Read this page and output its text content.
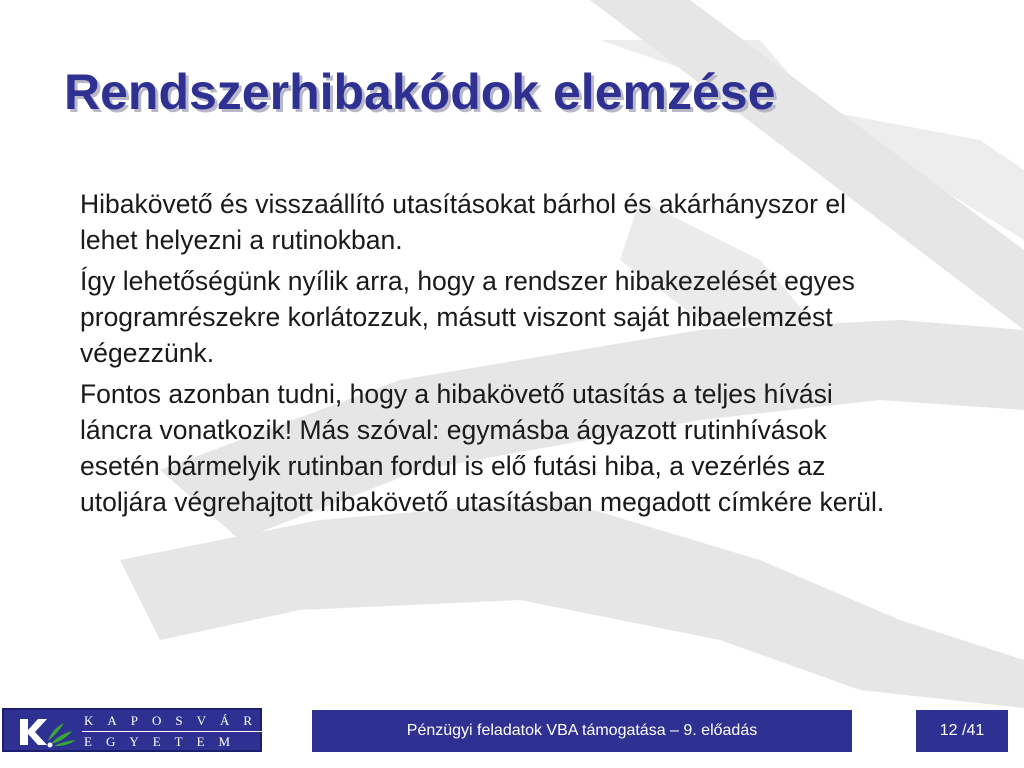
Rendszerhibakódok elemzése

Hibakövető és visszaállító utasításokat bárhol és akárhányszor el lehet helyezni a rutinokban.

Így lehetőségünk nyílik arra, hogy a rendszer hibakezelését egyes programrészekre korlátozzuk, másutt viszont saját hibaelemzést végezzünk.

Fontos azonban tudni, hogy a hibakövető utasítás a teljes hívási láncra vonatkozik! Más szóval: egymásba ágyazott rutinhívások esetén bármelyik rutinban fordul is elő futási hiba, a vezérlés az utoljára végrehajtott hibakövető utasításban megadott címkére kerül.

KAPOSVÁRI
EGYETEM
Pénzügyi feladatok VBA támogatása – 9. előadás	12 /41
